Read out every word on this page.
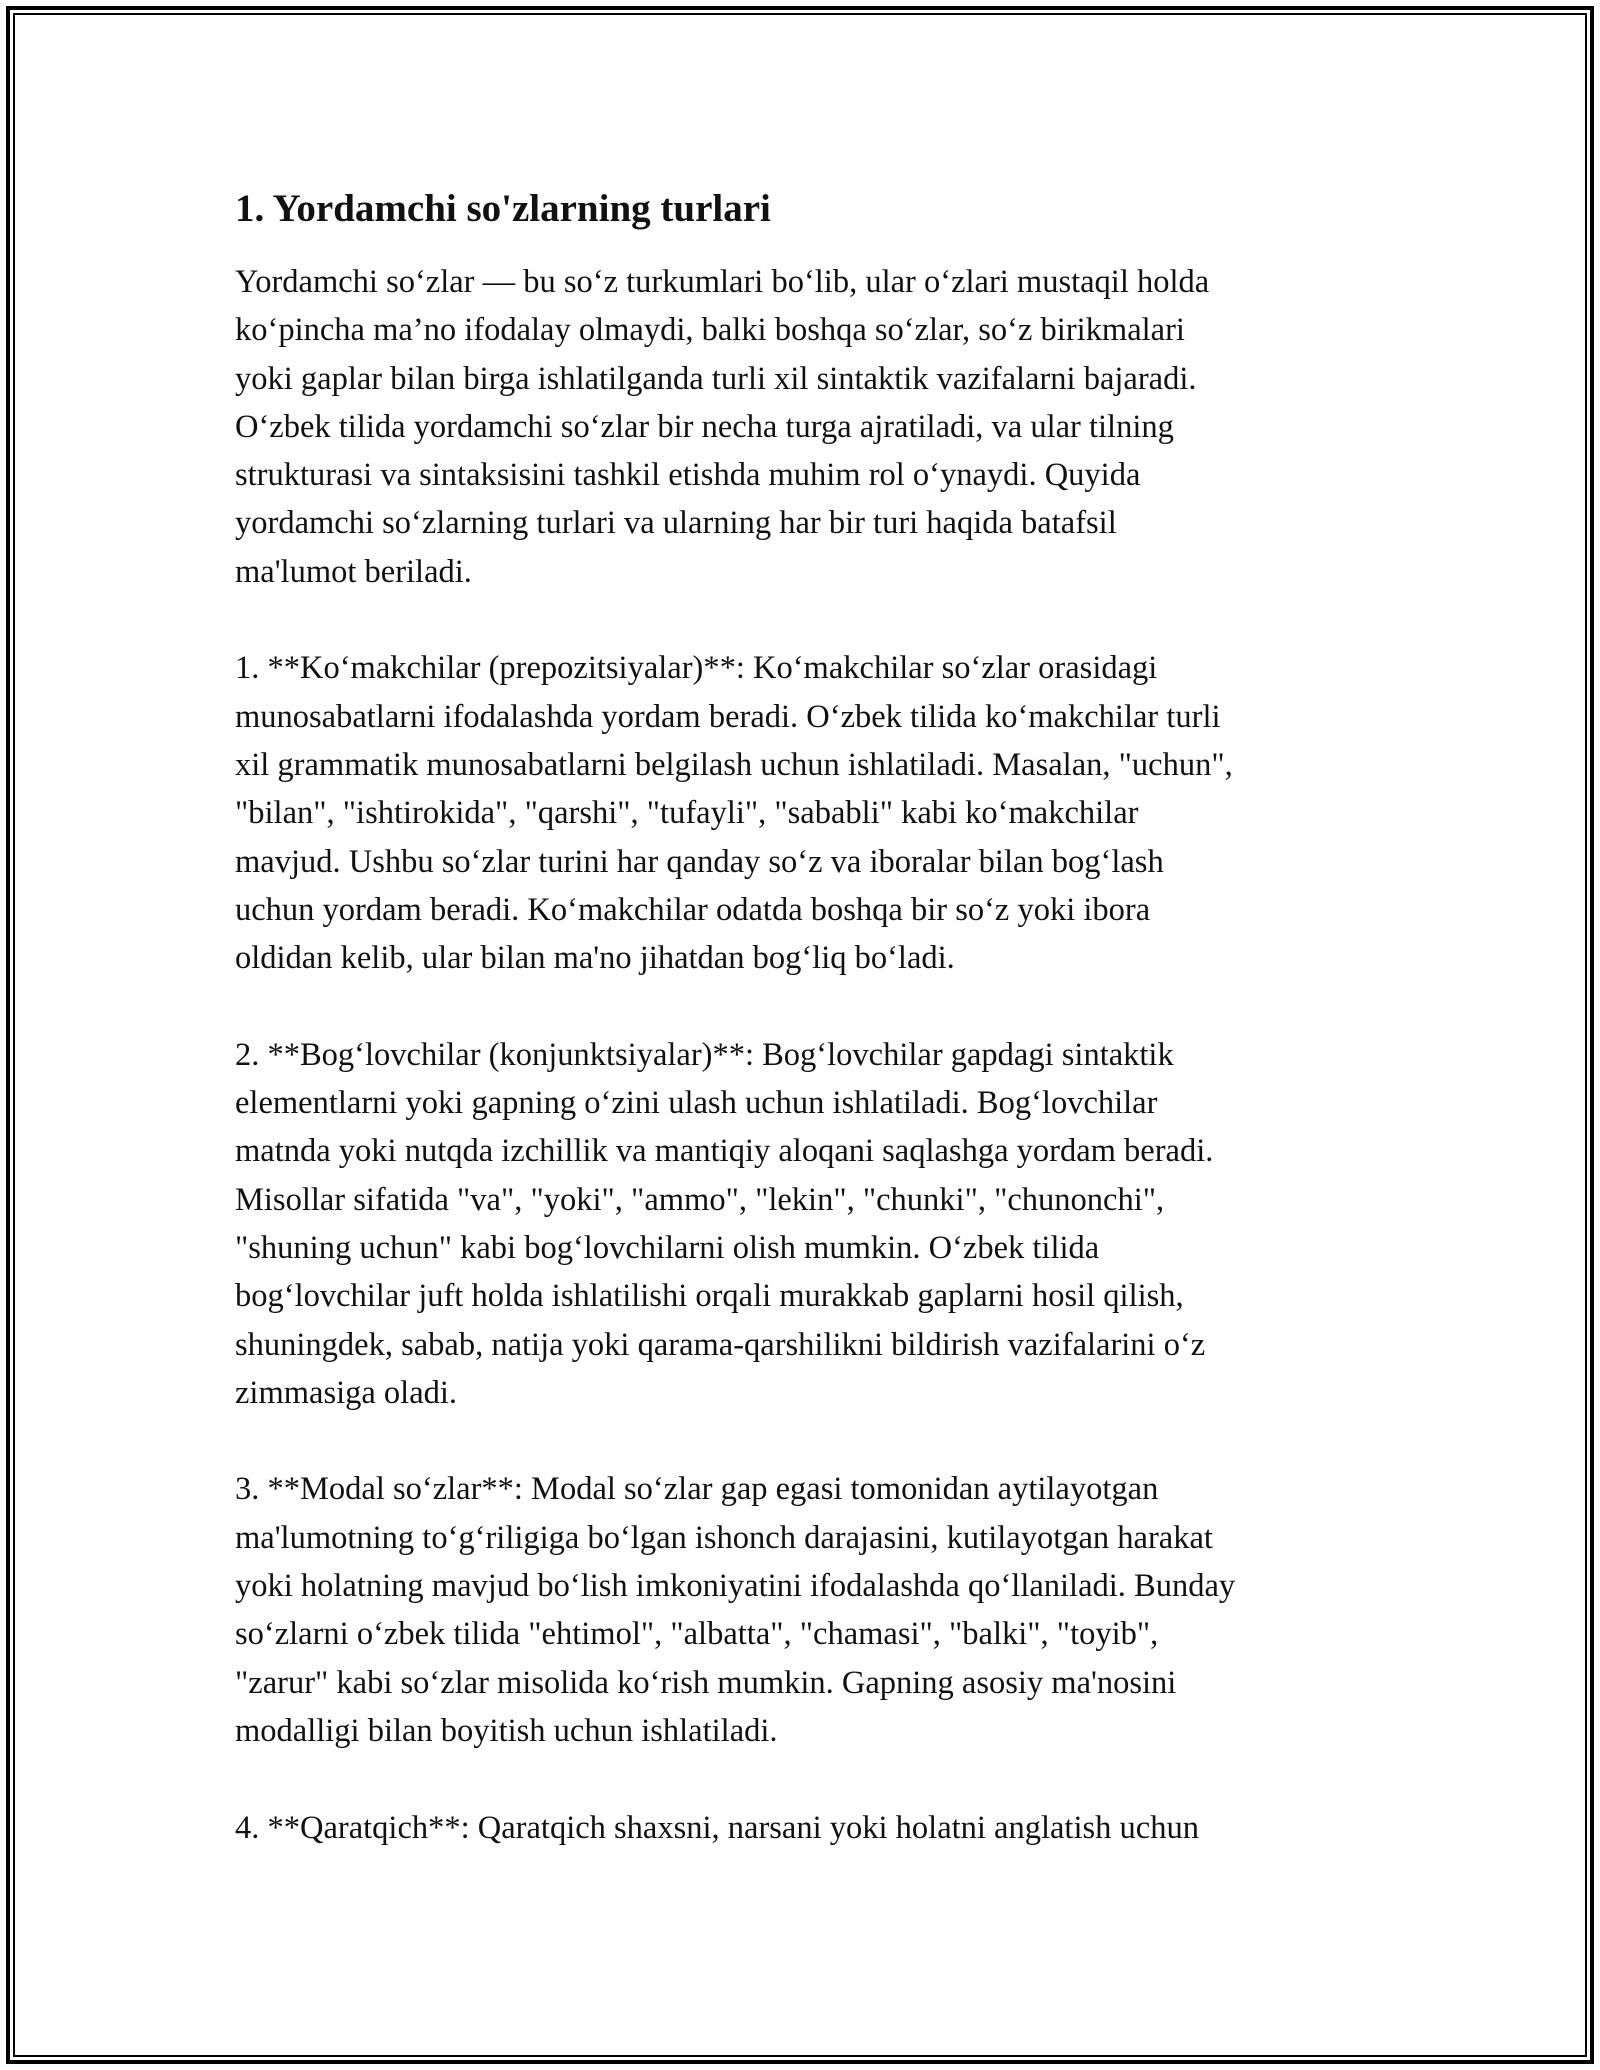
1. Yordamchi so'zlarning turlari
Yordamchi so‘zlar — bu so‘z turkumlari bo‘lib, ular o‘zlari mustaqil holda
ko‘pincha ma’no ifodalay olmaydi, balki boshqa so‘zlar, so‘z birikmalari
yoki gaplar bilan birga ishlatilganda turli xil sintaktik vazifalarni bajaradi.
O‘zbek tilida yordamchi so‘zlar bir necha turga ajratiladi, va ular tilning
strukturasi va sintaksisini tashkil etishda muhim rol o‘ynaydi. Quyida
yordamchi so‘zlarning turlari va ularning har bir turi haqida batafsil
ma'lumot beriladi.
1. **Ko‘makchilar (prepozitsiyalar)**: Ko‘makchilar so‘zlar orasidagi
munosabatlarni ifodalashda yordam beradi. O‘zbek tilida ko‘makchilar turli
xil grammatik munosabatlarni belgilash uchun ishlatiladi. Masalan, "uchun",
"bilan", "ishtirokida", "qarshi", "tufayli", "sababli" kabi ko‘makchilar
mavjud. Ushbu so‘zlar turini har qanday so‘z va iboralar bilan bog‘lash
uchun yordam beradi. Ko‘makchilar odatda boshqa bir so‘z yoki ibora
oldidan kelib, ular bilan ma'no jihatdan bog‘liq bo‘ladi.
2. **Bog‘lovchilar (konjunktsiyalar)**: Bog‘lovchilar gapdagi sintaktik
elementlarni yoki gapning o‘zini ulash uchun ishlatiladi. Bog‘lovchilar
matnda yoki nutqda izchillik va mantiqiy aloqani saqlashga yordam beradi.
Misollar sifatida "va", "yoki", "ammo", "lekin", "chunki", "chunonchi",
"shuning uchun" kabi bog‘lovchilarni olish mumkin. O‘zbek tilida
bog‘lovchilar juft holda ishlatilishi orqali murakkab gaplarni hosil qilish,
shuningdek, sabab, natija yoki qarama-qarshilikni bildirish vazifalarini o‘z
zimmasiga oladi.
3. **Modal so‘zlar**: Modal so‘zlar gap egasi tomonidan aytilayotgan
ma'lumotning to‘g‘riligiga bo‘lgan ishonch darajasini, kutilayotgan harakat
yoki holatning mavjud bo‘lish imkoniyatini ifodalashda qo‘llaniladi. Bunday
so‘zlarni o‘zbek tilida "ehtimol", "albatta", "chamasi", "balki", "toyib",
"zarur" kabi so‘zlar misolida ko‘rish mumkin. Gapning asosiy ma'nosini
modalligi bilan boyitish uchun ishlatiladi.
4. **Qaratqich**: Qaratqich shaxsni, narsani yoki holatni anglatish uchun
